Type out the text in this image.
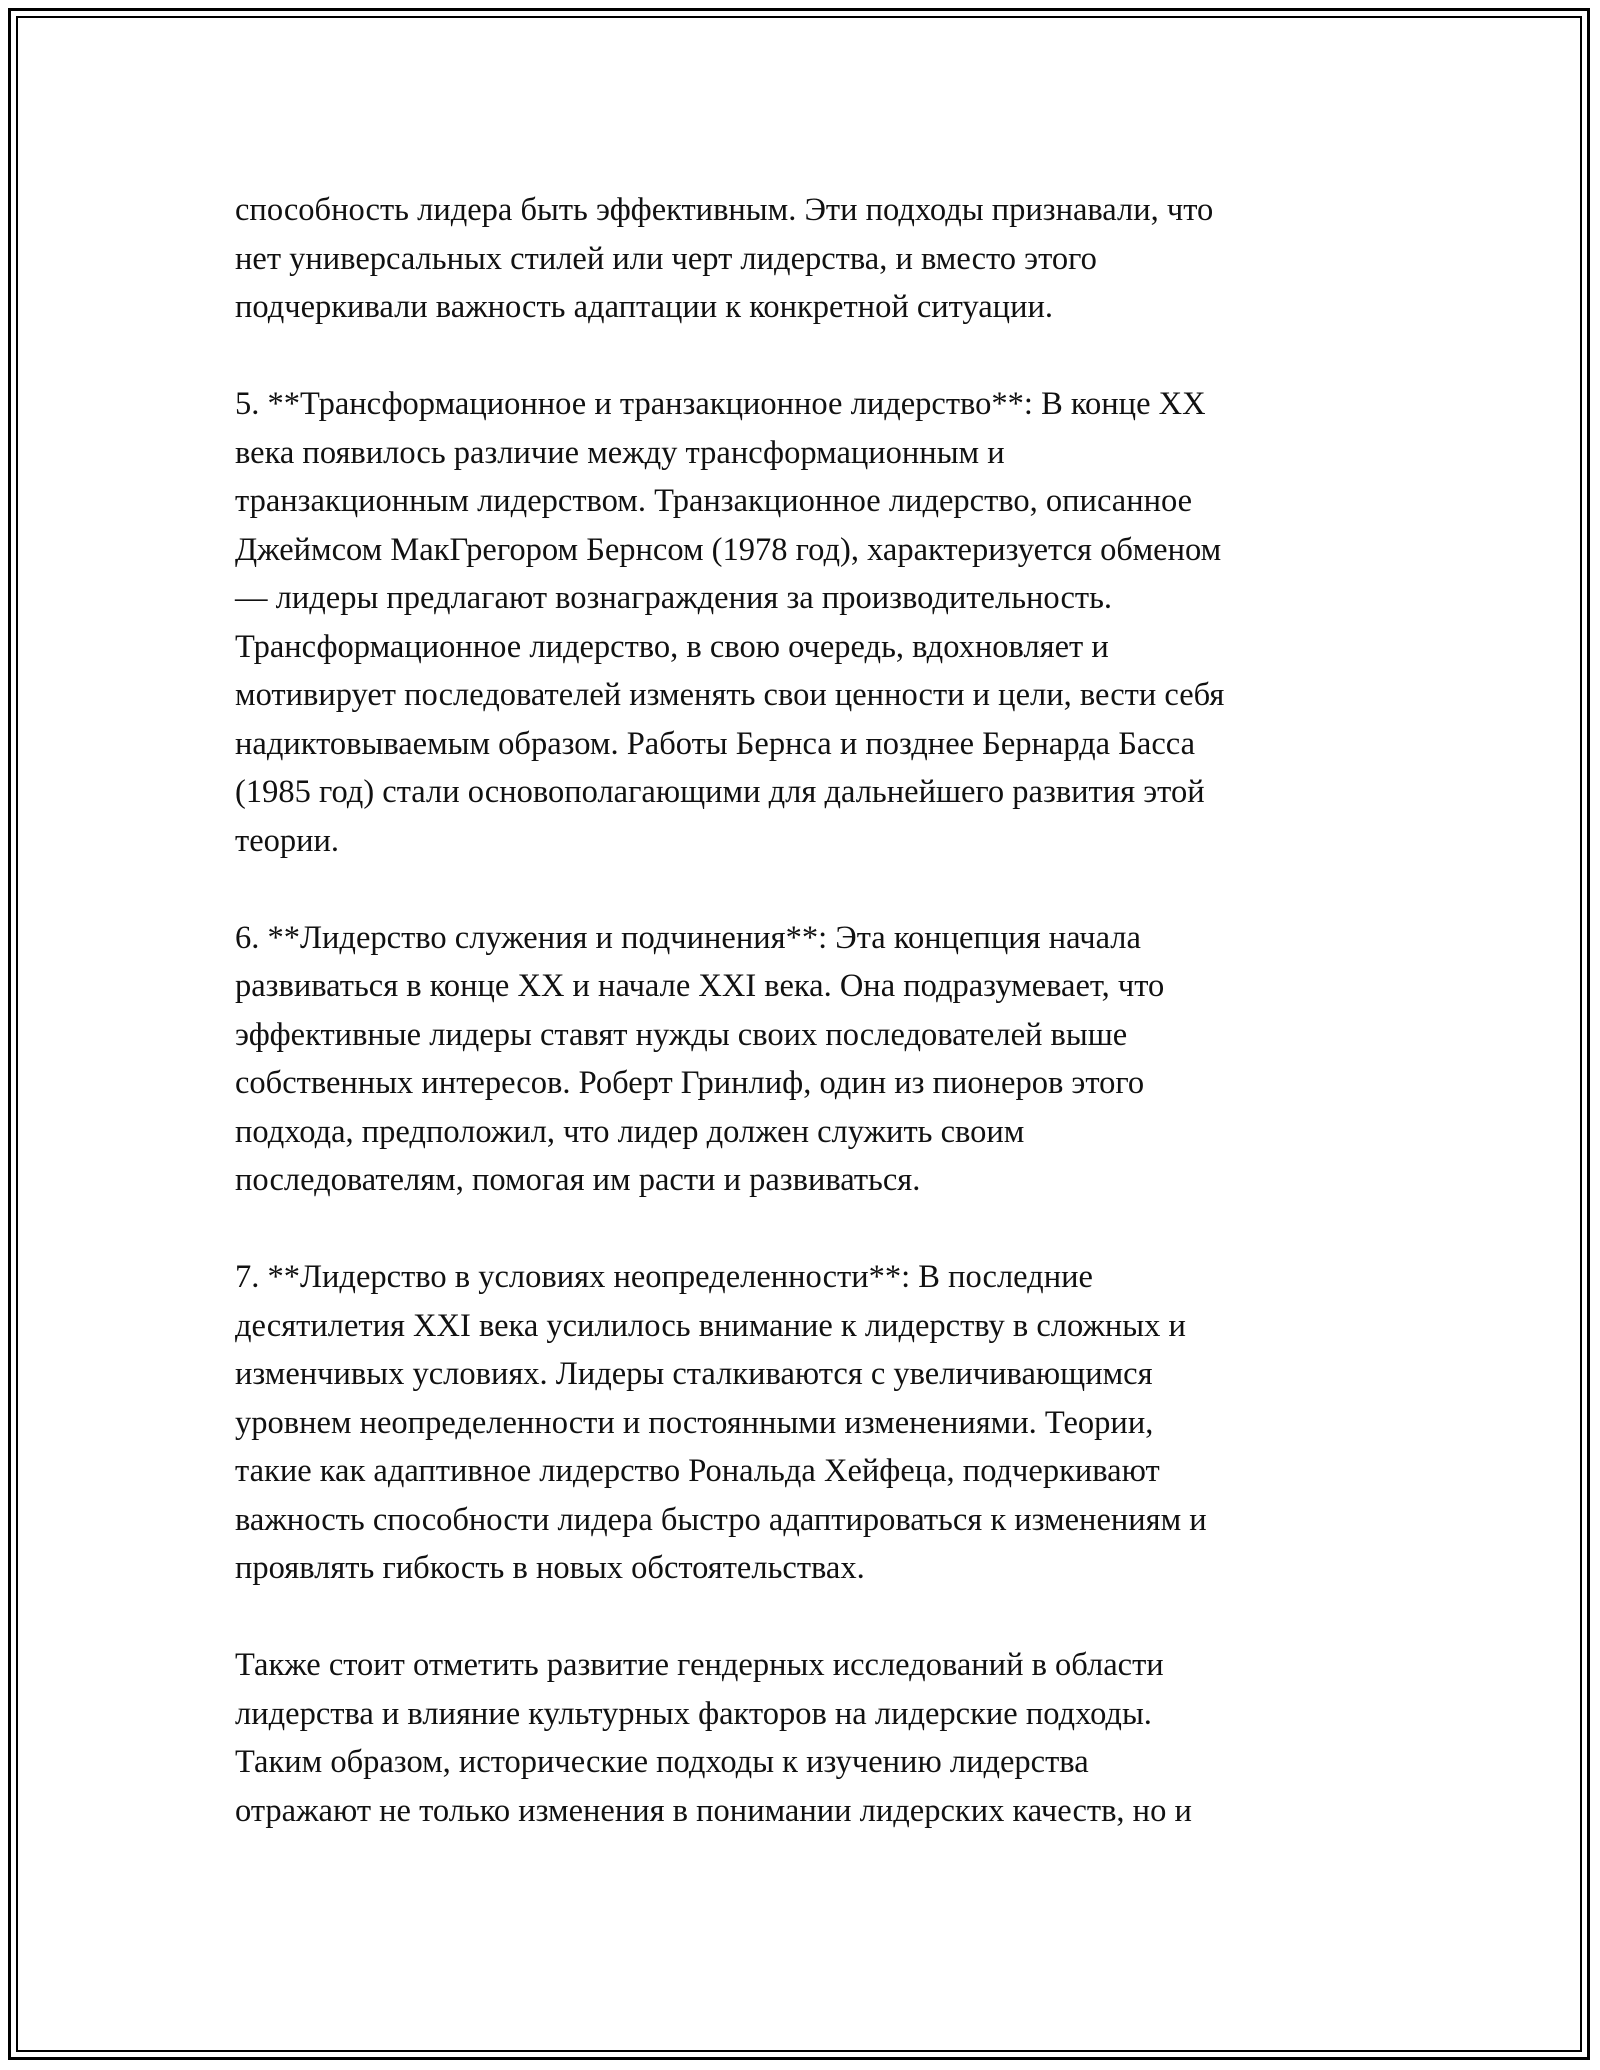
способность лидера быть эффективным. Эти подходы признавали, что
нет универсальных стилей или черт лидерства, и вместо этого
подчеркивали важность адаптации к конкретной ситуации.
5. **Трансформационное и транзакционное лидерство**: В конце XX
века появилось различие между трансформационным и
транзакционным лидерством. Транзакционное лидерство, описанное
Джеймсом МакГрегором Бернсом (1978 год), характеризуется обменом
— лидеры предлагают вознаграждения за производительность.
Трансформационное лидерство, в свою очередь, вдохновляет и
мотивирует последователей изменять свои ценности и цели, вести себя
надиктовываемым образом. Работы Бернса и позднее Бернарда Басса
(1985 год) стали основополагающими для дальнейшего развития этой
теории.
6. **Лидерство служения и подчинения**: Эта концепция начала
развиваться в конце XX и начале XXI века. Она подразумевает, что
эффективные лидеры ставят нужды своих последователей выше
собственных интересов. Роберт Гринлиф, один из пионеров этого
подхода, предположил, что лидер должен служить своим
последователям, помогая им расти и развиваться.
7. **Лидерство в условиях неопределенности**: В последние
десятилетия XXI века усилилось внимание к лидерству в сложных и
изменчивых условиях. Лидеры сталкиваются с увеличивающимся
уровнем неопределенности и постоянными изменениями. Теории,
такие как адаптивное лидерство Рональда Хейфеца, подчеркивают
важность способности лидера быстро адаптироваться к изменениям и
проявлять гибкость в новых обстоятельствах.
Также стоит отметить развитие гендерных исследований в области
лидерства и влияние культурных факторов на лидерские подходы.
Таким образом, исторические подходы к изучению лидерства
отражают не только изменения в понимании лидерских качеств, но и
